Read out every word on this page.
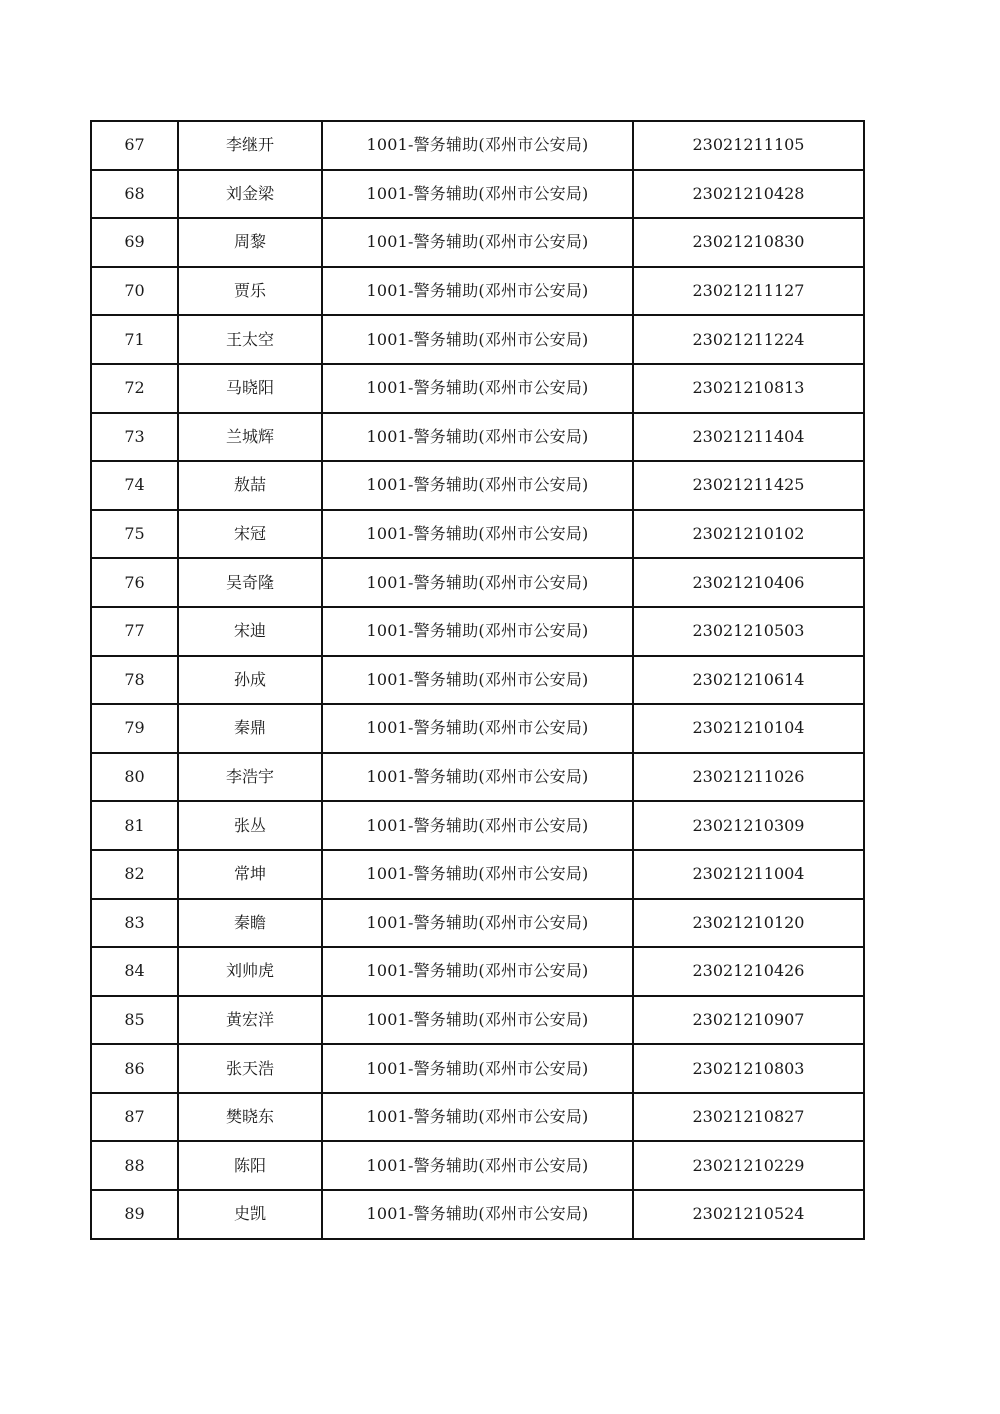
67	李继开	1001-警务辅助(邓州市公安局)	23021211105
68	刘金梁	1001-警务辅助(邓州市公安局)	23021210428
69	周黎	1001-警务辅助(邓州市公安局)	23021210830
70	贾乐	1001-警务辅助(邓州市公安局)	23021211127
71	王太空	1001-警务辅助(邓州市公安局)	23021211224
72	马晓阳	1001-警务辅助(邓州市公安局)	23021210813
73	兰城辉	1001-警务辅助(邓州市公安局)	23021211404
74	敖喆	1001-警务辅助(邓州市公安局)	23021211425
75	宋冠	1001-警务辅助(邓州市公安局)	23021210102
76	吴奇隆	1001-警务辅助(邓州市公安局)	23021210406
77	宋迪	1001-警务辅助(邓州市公安局)	23021210503
78	孙成	1001-警务辅助(邓州市公安局)	23021210614
79	秦鼎	1001-警务辅助(邓州市公安局)	23021210104
80	李浩宇	1001-警务辅助(邓州市公安局)	23021211026
81	张丛	1001-警务辅助(邓州市公安局)	23021210309
82	常坤	1001-警务辅助(邓州市公安局)	23021211004
83	秦瞻	1001-警务辅助(邓州市公安局)	23021210120
84	刘帅虎	1001-警务辅助(邓州市公安局)	23021210426
85	黄宏洋	1001-警务辅助(邓州市公安局)	23021210907
86	张天浩	1001-警务辅助(邓州市公安局)	23021210803
87	樊晓东	1001-警务辅助(邓州市公安局)	23021210827
88	陈阳	1001-警务辅助(邓州市公安局)	23021210229
89	史凯	1001-警务辅助(邓州市公安局)	23021210524
